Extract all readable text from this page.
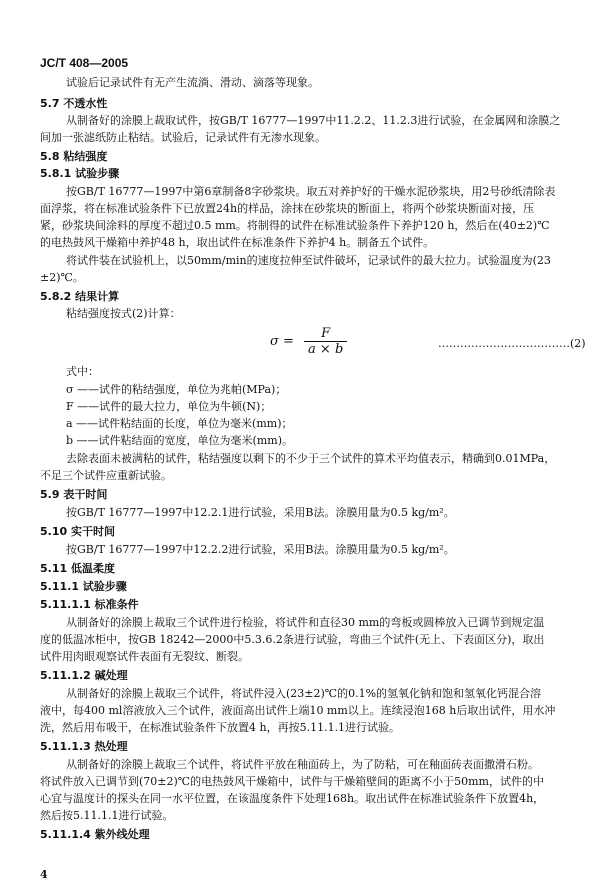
JC/T 408—2005
试验后记录试件有无产生流淌、滑动、滴落等现象。
5.7 不透水性
从制备好的涂膜上裁取试件，按GB/T 16777—1997中11.2.2、11.2.3进行试验，在金属网和涂膜之
间加一张滤纸防止粘结。试验后，记录试件有无渗水现象。
5.8 粘结强度
5.8.1 试验步骤
按GB/T 16777—1997中第6章制备8字砂浆块。取五对养护好的干燥水泥砂浆块，用2号砂纸清除表
面浮浆，将在标准试验条件下已放置24h的样品，涂抹在砂浆块的断面上，将两个砂浆块断面对接，压
紧，砂浆块间涂料的厚度不超过0.5 mm。将制得的试件在标准试验条件下养护120 h，然后在(40±2)℃
的电热鼓风干燥箱中养护48 h，取出试件在标准条件下养护4 h。制备五个试件。
将试件装在试验机上，以50mm/min的速度拉伸至试件破坏，记录试件的最大拉力。试验温度为(23
±2)℃。
5.8.2 结果计算
粘结强度按式(2)计算：
$\sigma = \frac{F}{a \times b}$	………………………………(2)
式中：
σ ——试件的粘结强度，单位为兆帕(MPa)；
F ——试件的最大拉力，单位为牛顿(N)；
a ——试件粘结面的长度，单位为毫米(mm)；
b ——试件粘结面的宽度，单位为毫米(mm)。
去除表面未被满粘的试件，粘结强度以剩下的不少于三个试件的算术平均值表示，精确到0.01MPa，
不足三个试件应重新试验。
5.9 表干时间
按GB/T 16777—1997中12.2.1进行试验，采用B法。涂膜用量为0.5 kg/m²。
5.10 实干时间
按GB/T 16777—1997中12.2.2进行试验，采用B法。涂膜用量为0.5 kg/m²。
5.11 低温柔度
5.11.1 试验步骤
5.11.1.1 标准条件
从制备好的涂膜上裁取三个试件进行检验，将试件和直径30 mm的弯板或圆棒放入已调节到规定温
度的低温冰柜中，按GB 18242—2000中5.3.6.2条进行试验，弯曲三个试件(无上、下表面区分)，取出
试件用肉眼观察试件表面有无裂纹、断裂。
5.11.1.2 碱处理
从制备好的涂膜上裁取三个试件，将试件浸入(23±2)℃的0.1%的氢氧化钠和饱和氢氧化钙混合溶
液中，每400 ml溶液放入三个试件，液面高出试件上端10 mm以上。连续浸泡168 h后取出试件，用水冲
洗，然后用布吸干，在标准试验条件下放置4 h，再按5.11.1.1进行试验。
5.11.1.3 热处理
从制备好的涂膜上裁取三个试件，将试件平放在釉面砖上，为了防粘，可在釉面砖表面撒滑石粉。
将试件放入已调节到(70±2)℃的电热鼓风干燥箱中，试件与干燥箱壁间的距离不小于50mm，试件的中
心宜与温度计的探头在同一水平位置，在该温度条件下处理168h。取出试件在标准试验条件下放置4h，
然后按5.11.1.1进行试验。
5.11.1.4 紫外线处理
4
